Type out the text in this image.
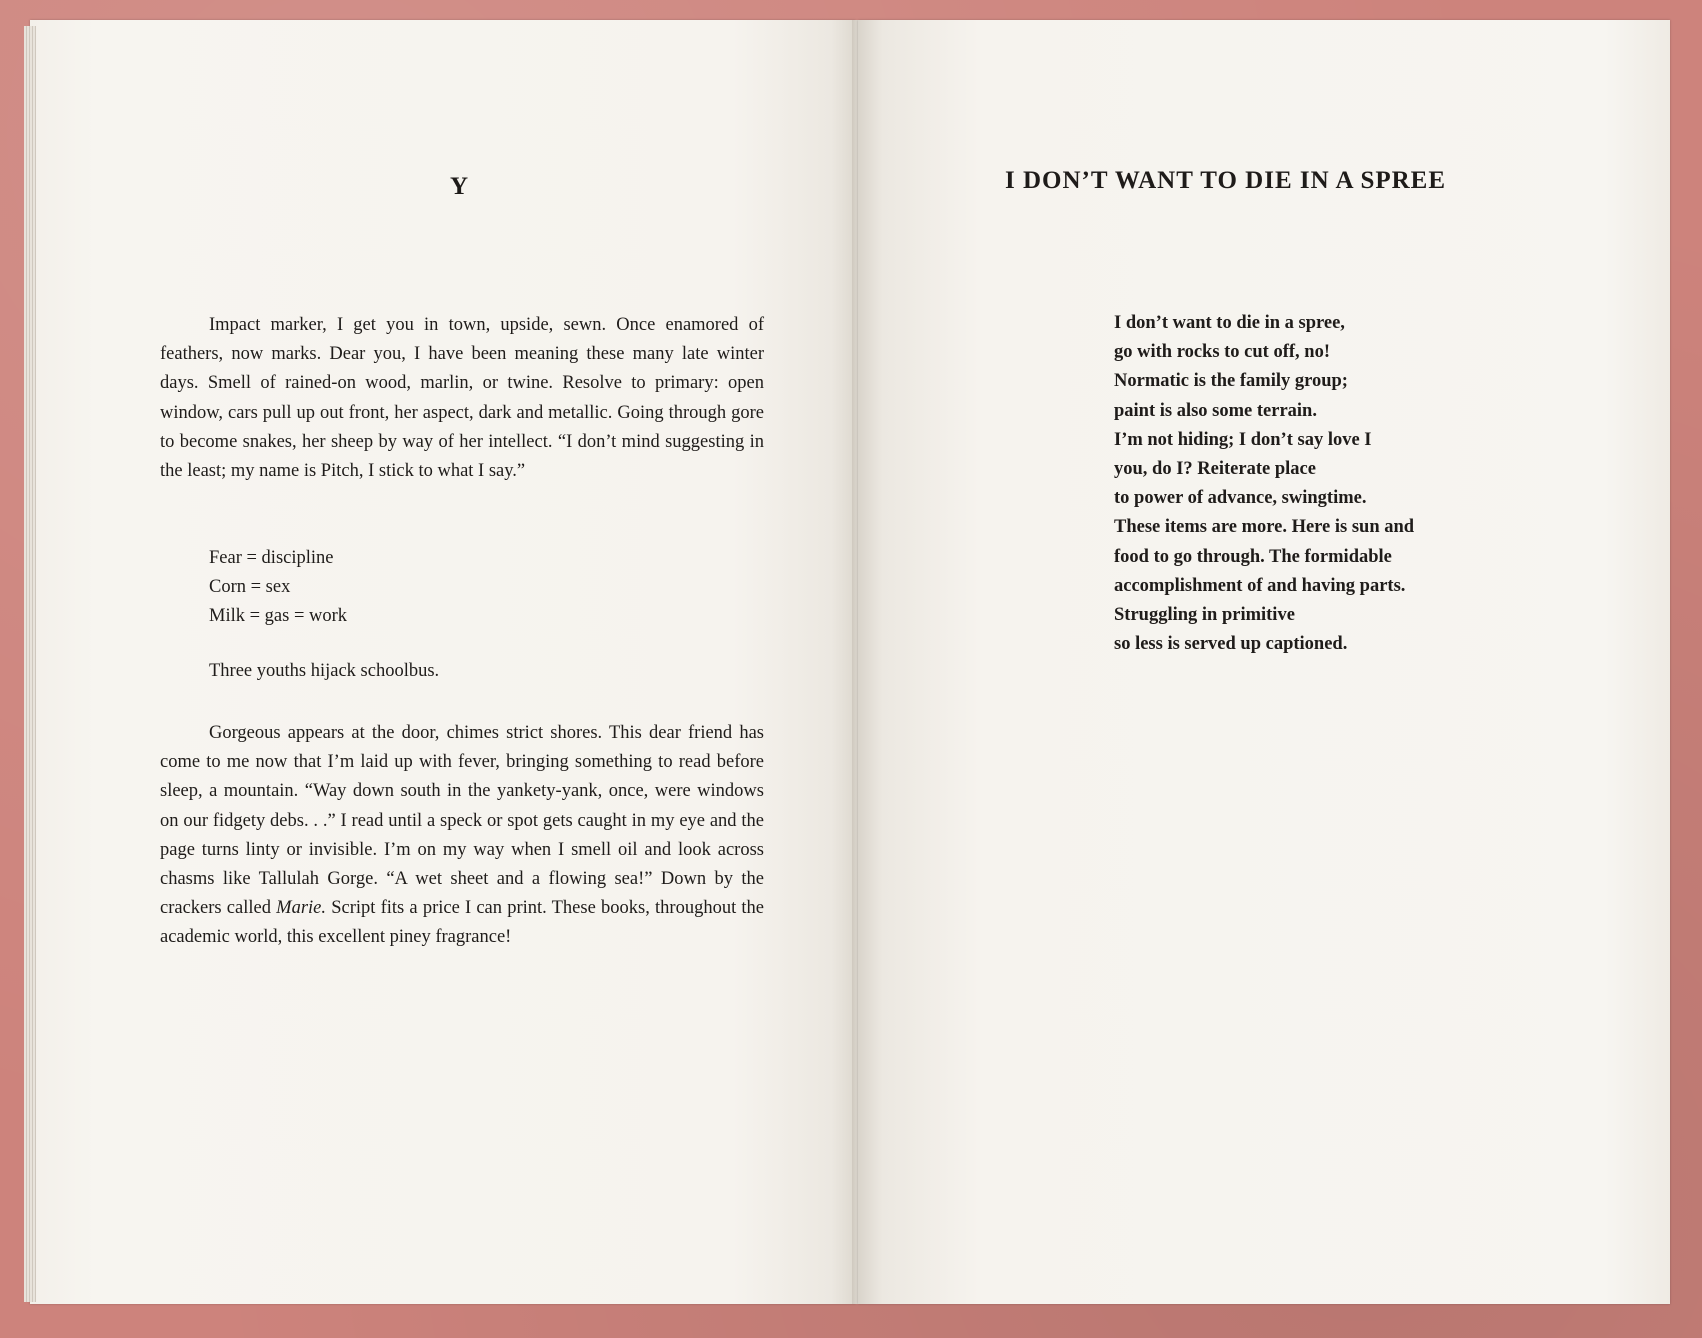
Y

Impact marker, I get you in town, upside, sewn. Once enamored of feathers, now marks. Dear you, I have been meaning these many late winter days. Smell of rained-on wood, marlin, or twine. Resolve to primary: open window, cars pull up out front, her aspect, dark and metallic. Going through gore to become snakes, her sheep by way of her intellect. “I don’t mind suggesting in the least; my name is Pitch, I stick to what I say.”

Fear = discipline
Corn = sex
Milk = gas = work

Three youths hijack schoolbus.

Gorgeous appears at the door, chimes strict shores. This dear friend has come to me now that I’m laid up with fever, bringing something to read before sleep, a mountain. “Way down south in the yankety-yank, once, were windows on our fidgety debs. . .” I read until a speck or spot gets caught in my eye and the page turns linty or invisible. I’m on my way when I smell oil and look across chasms like Tallulah Gorge. “A wet sheet and a flowing sea!” Down by the crackers called Marie. Script fits a price I can print. These books, throughout the academic world, this excellent piney fragrance!

I DON’T WANT TO DIE IN A SPREE
I don’t want to die in a spree,
go with rocks to cut off, no!
Normatic is the family group;
paint is also some terrain.
I’m not hiding; I don’t say love I
you, do I? Reiterate place
to power of advance, swingtime.
These items are more. Here is sun and
food to go through. The formidable
accomplishment of and having parts.
Struggling in primitive
so less is served up captioned.
